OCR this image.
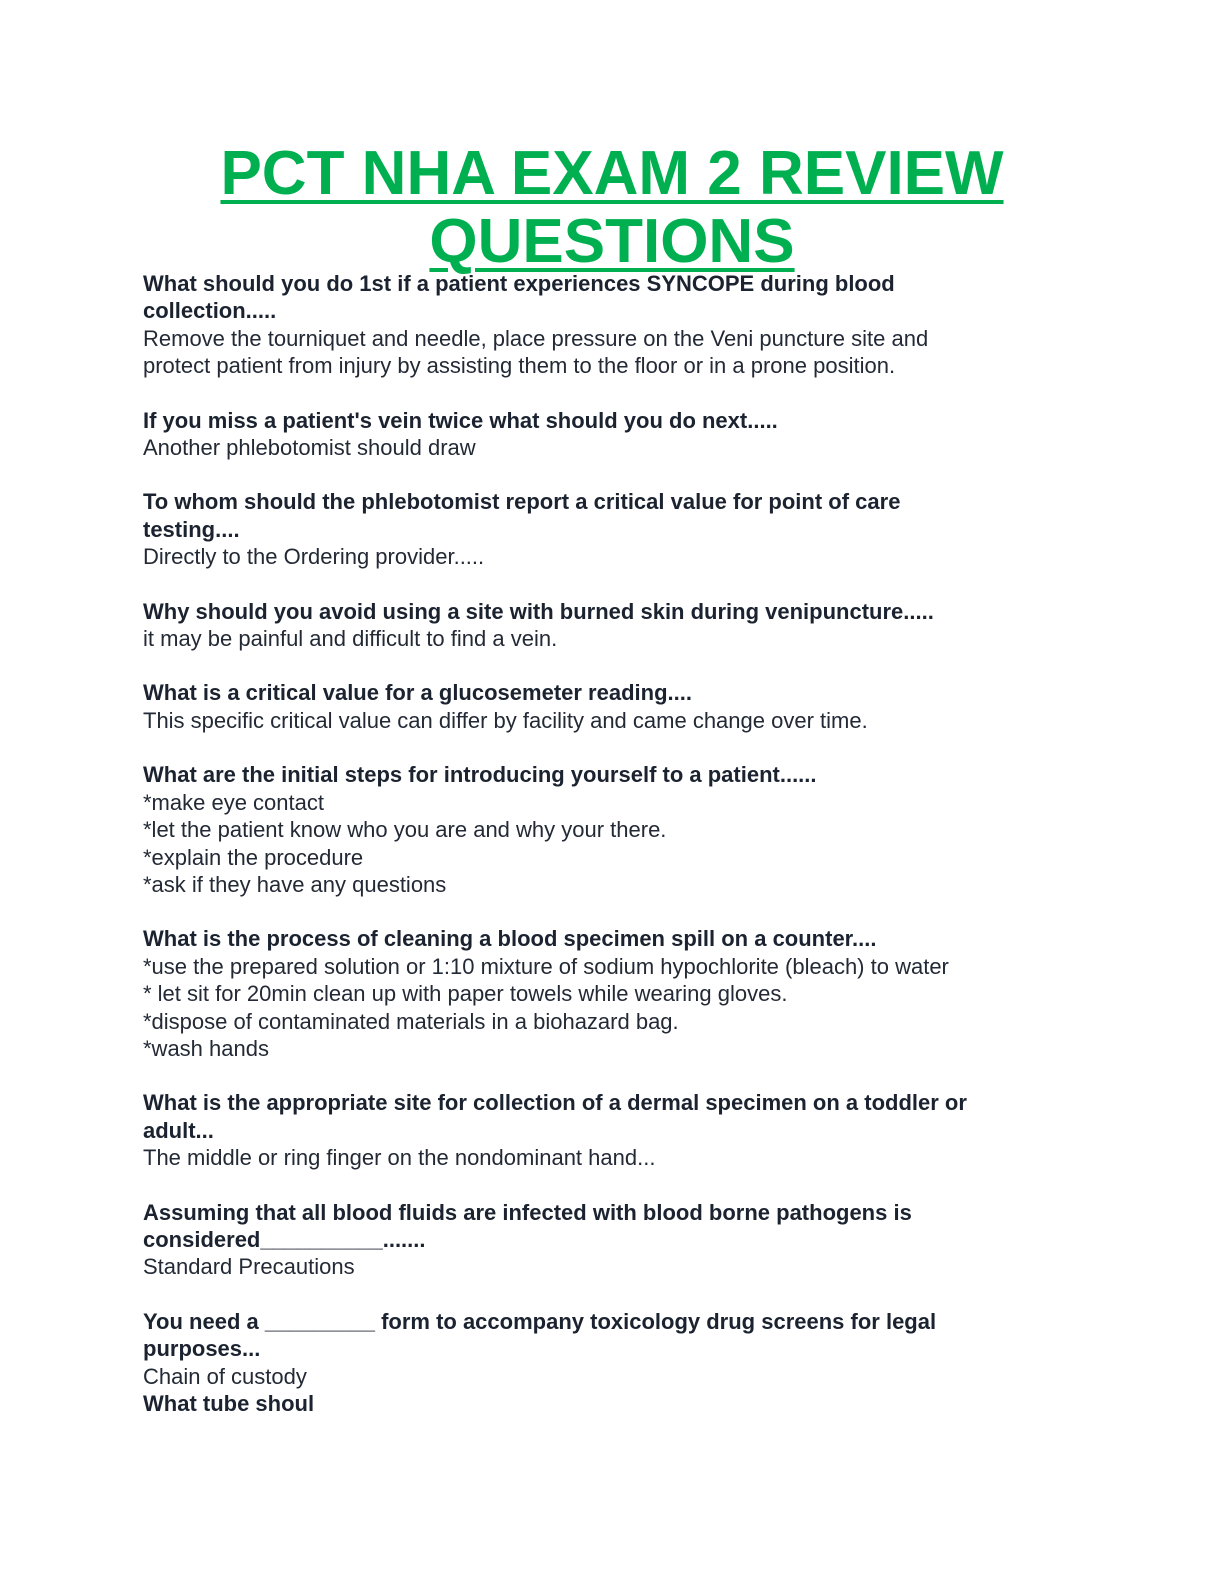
PCT NHA EXAM 2 REVIEW
QUESTIONS
What should you do 1st if a patient experiences SYNCOPE during blood
collection.....
Remove the tourniquet and needle, place pressure on the Veni puncture site and
protect patient from injury by assisting them to the floor or in a prone position.
If you miss a patient's vein twice what should you do next.....
Another phlebotomist should draw
To whom should the phlebotomist report a critical value for point of care
testing....
Directly to the Ordering provider.....
Why should you avoid using a site with burned skin during venipuncture.....
it may be painful and difficult to find a vein.
What is a critical value for a glucosemeter reading....
This specific critical value can differ by facility and came change over time.
What are the initial steps for introducing yourself to a patient......
*make eye contact
*let the patient know who you are and why your there.
*explain the procedure
*ask if they have any questions
What is the process of cleaning a blood specimen spill on a counter....
*use the prepared solution or 1:10 mixture of sodium hypochlorite (bleach) to water
* let sit for 20min clean up with paper towels while wearing gloves.
*dispose of contaminated materials in a biohazard bag.
*wash hands
What is the appropriate site for collection of a dermal specimen on a toddler or
adult...
The middle or ring finger on the nondominant hand...
Assuming that all blood fluids are infected with blood borne pathogens is
considered__________.......
Standard Precautions
You need a _________ form to accompany toxicology drug screens for legal
purposes...
Chain of custody
What tube shoul
